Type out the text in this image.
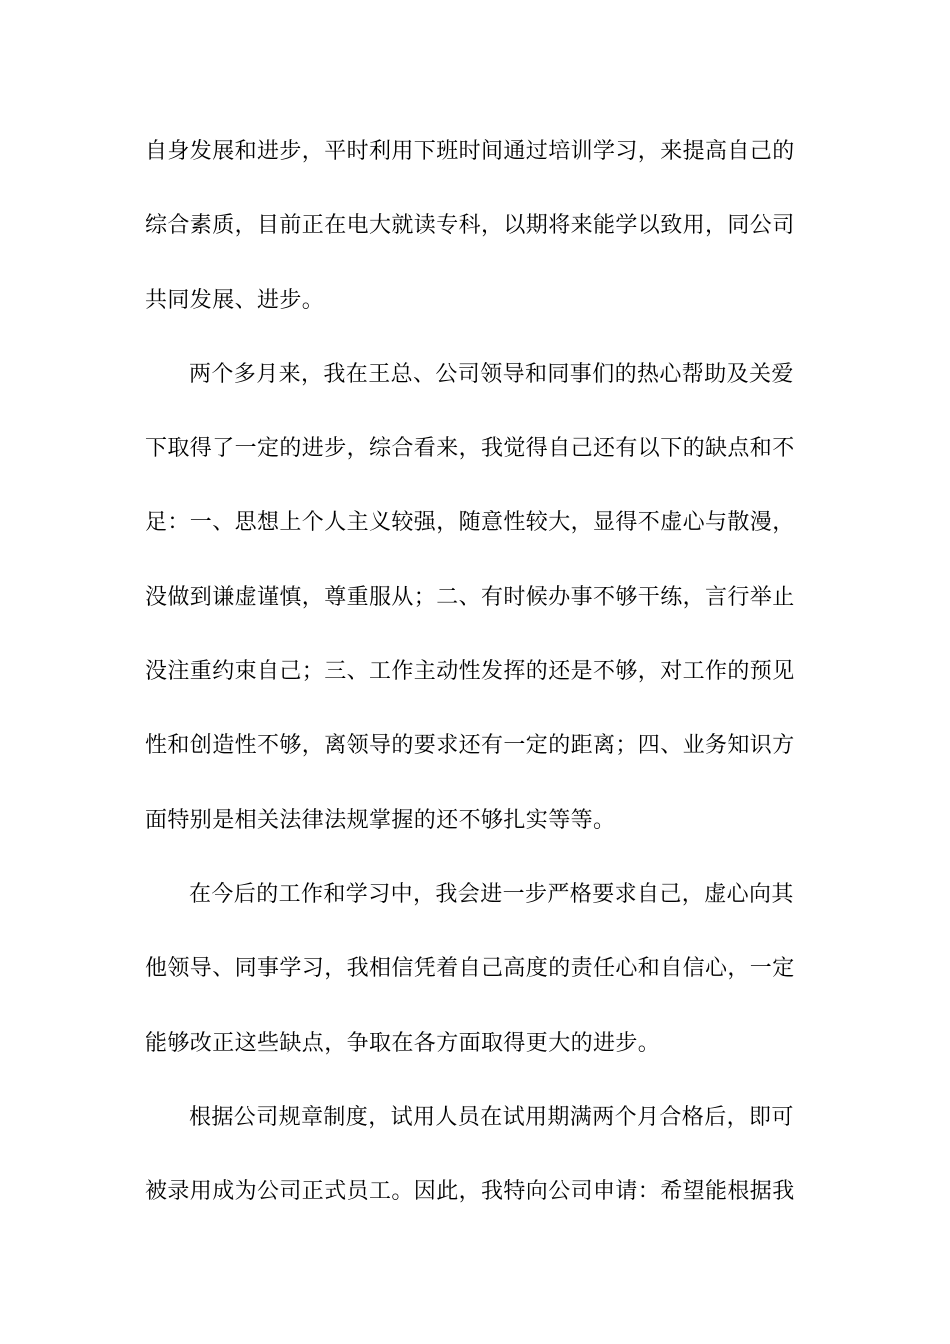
自身发展和进步，平时利用下班时间通过培训学习，来提高自己的
综合素质，目前正在电大就读专科，以期将来能学以致用，同公司
共同发展、进步。
两个多月来，我在王总、公司领导和同事们的热心帮助及关爱
下取得了一定的进步，综合看来，我觉得自己还有以下的缺点和不
足：一、思想上个人主义较强，随意性较大，显得不虚心与散漫，
没做到谦虚谨慎，尊重服从；二、有时候办事不够干练，言行举止
没注重约束自己；三、工作主动性发挥的还是不够，对工作的预见
性和创造性不够，离领导的要求还有一定的距离；四、业务知识方
面特别是相关法律法规掌握的还不够扎实等等。
在今后的工作和学习中，我会进一步严格要求自己，虚心向其
他领导、同事学习，我相信凭着自己高度的责任心和自信心，一定
能够改正这些缺点，争取在各方面取得更大的进步。
根据公司规章制度，试用人员在试用期满两个月合格后，即可
被录用成为公司正式员工。因此，我特向公司申请：希望能根据我
